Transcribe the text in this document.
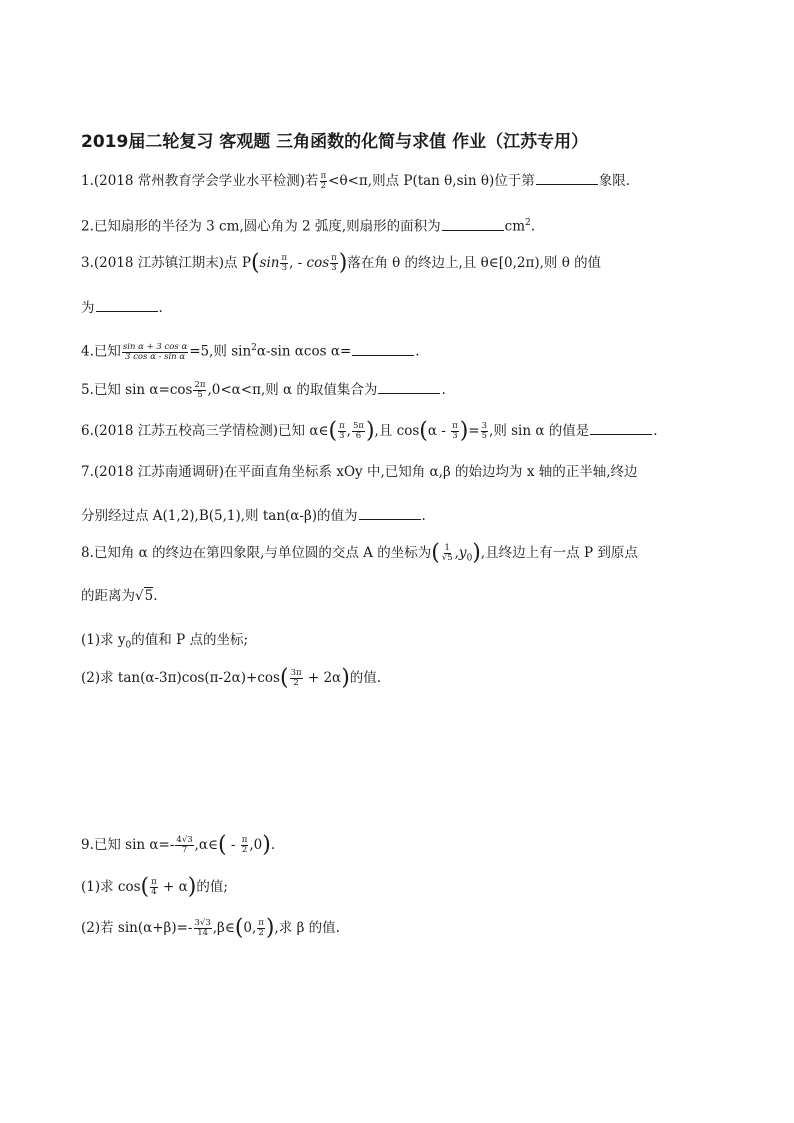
2019届二轮复习 客观题 三角函数的化简与求值 作业（江苏专用）
1.(2018 常州教育学会学业水平检测)若 $\frac{\pi}{2} <\theta<\pi$,则点 P(tan θ,sin θ)位于第	象限.
2.已知扇形的半径为 3 cm,圆心角为 2 弧度,则扇形的面积为	$cm^2$.
3.(2018 江苏镇江期末)点 $P(\sin \frac{\pi}{3}$ , - $\cos \frac{\pi}{3}$ )落在角 θ 的终边上,且 θ∈[0,2π),则 θ 的值
为	.
4.已知 $\frac{\text{sin α + 3 cos α}}{\text{3 cos α - sin α}} =5$,则 $\sin^2\alpha-\sin$ αcos α=	.
5.已知 $\sin \alpha=\cos \frac{2\pi}{5} ,0<\alpha<\pi$,则 α 的取值集合为	.
6.(2018 江苏五校高三学情检测)已知 α∈( $\frac{\pi}{3}$ , $\frac{5\pi}{6}$ ),且 $\cos(\alpha - \frac{\pi}{3}$ )= $\frac{3}{5}$ ,则 sin α 的值是	.
7.(2018 江苏南通调研)在平面直角坐标系 xOy 中,已知角 α,β 的始边均为 x 轴的正半轴,终边
分别经过点 A(1,2),B(5,1),则 tan(α-β)的值为	.
8.已知角 α 的终边在第四象限,与单位圆的交点 A 的坐标为( $\frac{1}{√5} ,y_0$),且终边上有一点 P 到原点
的距离为√5.
(1)求 $y_0$的值和 P 点的坐标;
(2)求 $\tan(\alpha-3\pi)\cos(\pi-2\alpha)+\cos( \frac{3\pi}{2} + 2\alpha)$的值.
9.已知 $\sin \alpha=- \frac{4√3}{7}$ ,α∈( - $\frac{\pi}{2} ,0$).
(1)求 $\cos( \frac{\pi}{4} + \alpha)$的值;
(2)若 $\sin(\alpha+\beta)=- \frac{3√3}{14}$ ,β∈(0, $\frac{\pi}{2}$ ),求 β 的值.
